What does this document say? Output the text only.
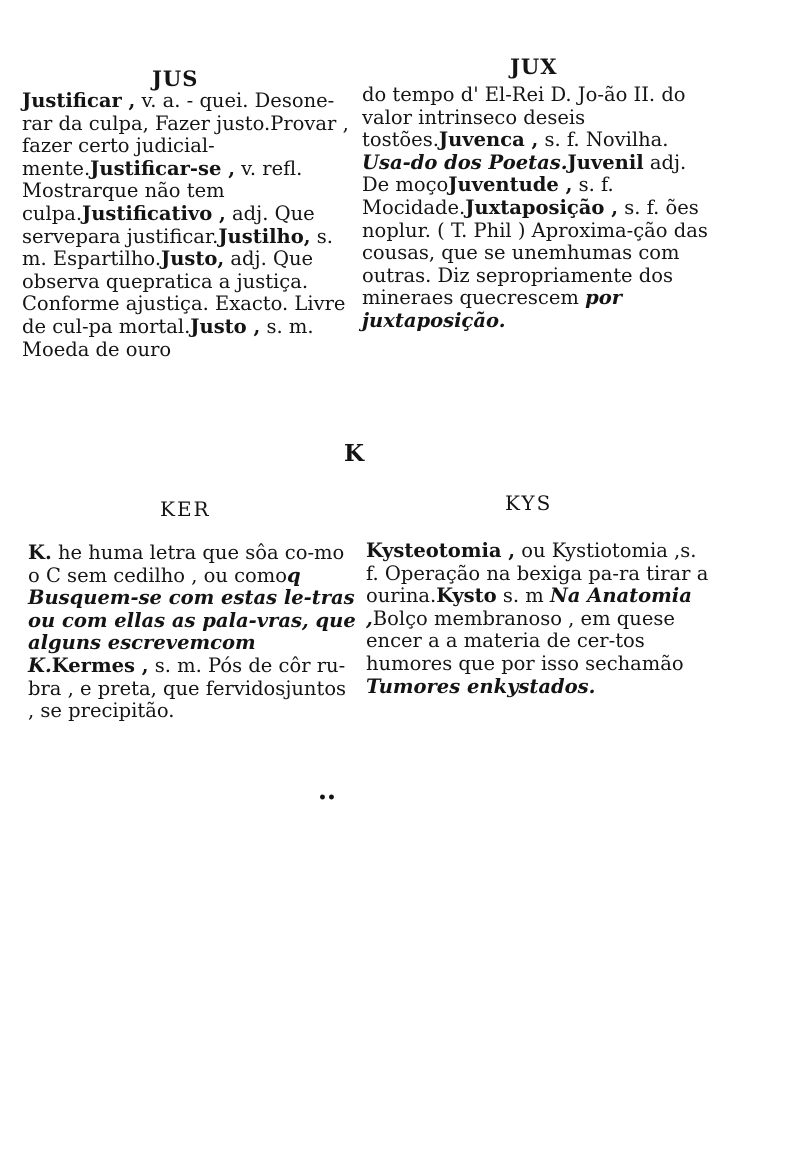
JUS	JUX
Justificar , v. a. - quei. Desone-rar da culpa, Fazer justo.Provar , fazer certo judicial-mente.Justificar-se , v. refl. Mostrarque não tem culpa.Justificativo , adj. Que servepara justificar.Justilho, s. m. Espartilho.Justo, adj. Que observa quepratica a justiça. Conforme ajustiça. Exacto. Livre de cul-pa mortal.Justo , s. m. Moeda de ouro
do tempo d' El-Rei D. Jo-ão II. do valor intrinseco deseis tostões.Juvenca , s. f. Novilha. Usa-do dos Poetas.Juvenil adj. De moçoJuventude , s. f. Mocidade.Juxtaposição , s. f. ões noplur. ( T. Phil ) Aproxima-ção das cousas, que se unemhumas com outras. Diz sepropriamente dos mineraes quecrescem por juxtaposição.
K
KER	KYS
K. he huma letra que sôa co-mo o C sem cedilho , ou comoq Busquem-se com estas le-tras ou com ellas as pala-vras, que alguns escrevemcom K.Kermes , s. m. Pós de côr ru-bra , e preta, que fervidosjuntos , se precipitão.
Kysteotomia , ou Kystiotomia ,s. f. Operação na bexiga pa-ra tirar a ourina.Kysto s. m Na Anatomia ,Bolço membranoso , em quese encer a a materia de cer-tos humores que por isso sechamão Tumores enkystados.
••
